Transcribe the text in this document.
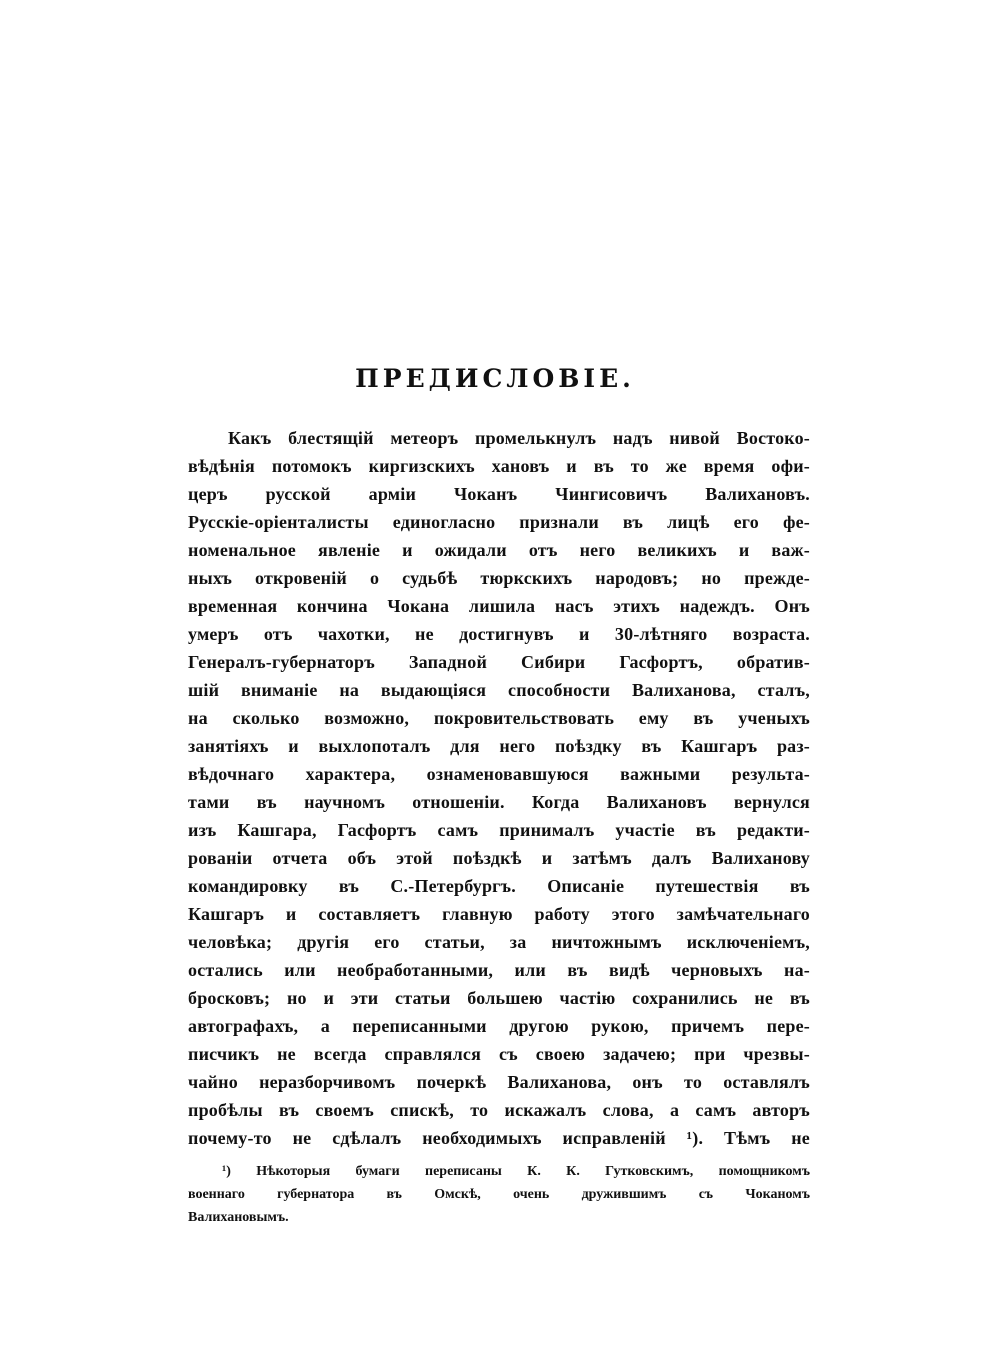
ПРЕДИСЛОВІЕ.
Какъ блестящій метеоръ промелькнулъ надъ нивой Востоко-
вѣдѣнія потомокъ киргизскихъ хановъ и въ то же время офи-
церъ русской арміи Чоканъ Чингисовичъ Валихановъ.
Русскіе-оріенталисты единогласно признали въ лицѣ его фе-
номенальное явленіе и ожидали отъ него великихъ и важ-
ныхъ откровеній о судьбѣ тюркскихъ народовъ; но прежде-
временная кончина Чокана лишила насъ этихъ надеждъ. Онъ
умеръ отъ чахотки, не достигнувъ и 30-лѣтняго возраста.
Генералъ-губернаторъ Западной Сибири Гасфортъ, обратив-
шій вниманіе на выдающіяся способности Валиханова, сталъ,
на сколько возможно, покровительствовать ему въ ученыхъ
занятіяхъ и выхлопоталъ для него поѣздку въ Кашгаръ раз-
вѣдочнаго характера, ознаменовавшуюся важными результа-
тами въ научномъ отношеніи. Когда Валихановъ вернулся
изъ Кашгара, Гасфортъ самъ принималъ участіе въ редакти-
рованіи отчета объ этой поѣздкѣ и затѣмъ далъ Валиханову
командировку въ С.-Петербургъ. Описаніе путешествія въ
Кашгаръ и составляетъ главную работу этого замѣчательнаго
человѣка; другія его статьи, за ничтожнымъ исключеніемъ,
остались или необработанными, или въ видѣ черновыхъ на-
бросковъ; но и эти статьи большею частію сохранились не въ
автографахъ, а переписанными другою рукою, причемъ пере-
писчикъ не всегда справлялся съ своею задачею; при чрезвы-
чайно неразборчивомъ почеркѣ Валиханова, онъ то оставлялъ
пробѣлы въ своемъ спискѣ, то искажалъ слова, а самъ авторъ
почему-то не сдѣлалъ необходимыхъ исправленій ¹). Тѣмъ не
¹) Нѣкоторыя бумаги переписаны К. К. Гутковскимъ, помощникомъ
военнаго губернатора въ Омскѣ, очень дружившимъ съ Чоканомъ
Валихановымъ.
